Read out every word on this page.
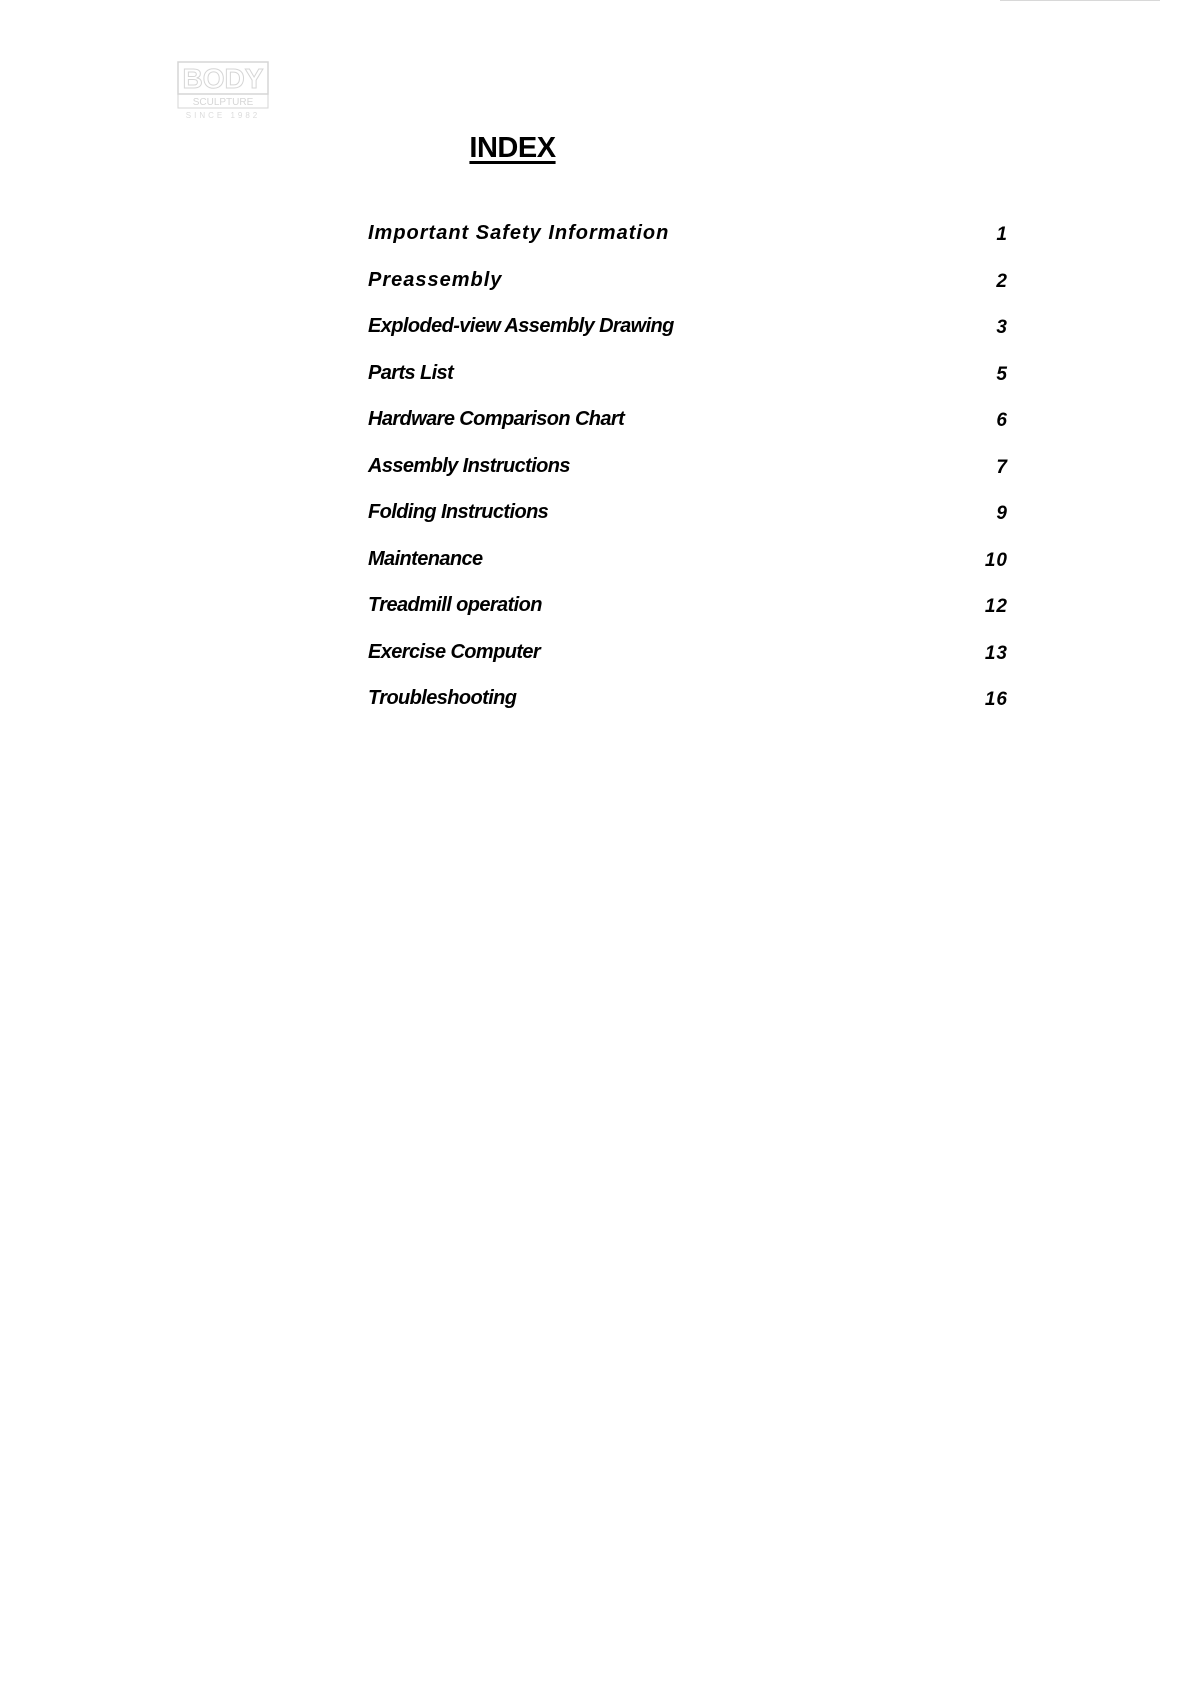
BODY
SCULPTURE
SINCE 1982
INDEX
Important Safety Information	1
Preassembly	2
Exploded-view Assembly Drawing	3
Parts List	5
Hardware Comparison Chart	6
Assembly Instructions	7
Folding Instructions	9
Maintenance	10
Treadmill operation	12
Exercise Computer	13
Troubleshooting	16
